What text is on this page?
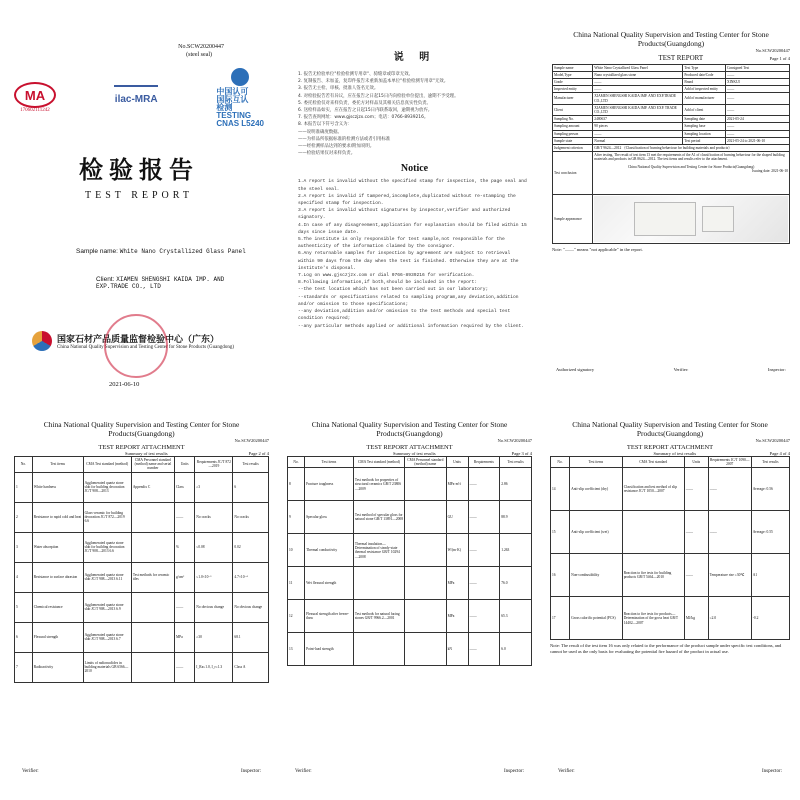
No.SCW20200447
(steel seal)
MA
170602111242
ilac-MRA
中国认可
国际互认
检测
TESTING
CNAS L5240
检验报告
TEST REPORT
Sample name: White Nano Crystallized Glass Panel
Client: XIAMEN SHENGSHI KAIDA IMP. AND EXP.TRADE CO., LTD
国家石材产品质量监督检验中心（广东）
China National Quality Supervision and Testing Center for Stone Products (Guangdong)
2021-06-10
说 明
1. 报告无检验单位"检验检测专用章"、骑缝章或印章无效。
2. 复制报告、未加盖，复印件报告未重新加盖本单位"检验检测专用章"无效。
3. 报告无主检、审核、批准人签名无效。
4. 对检验报告若有异议，应在报告之日起15日内向检验单位提出，逾期不予受理。
5. 委托检验仅对来样负责，委托方对样品及其相关信息真实性负责。
6. 送检样品如实，应在报告之日起15日内联系取回，逾期视为放弃。
7. 报告查询网址：www.gjsczjzx.com；电话：0766-8939216。
8. 本报告以下符号含义为：
——说明准确度数据。
——为样品所依据标准的检测方法或者引用标准
——经检测样品达到的要求/附加说明。
——检验结果仅对来样负责。
Notice
1.A report is invalid without the specified stamp for inspection, the page seal and
the steel seal.
2.A report is invalid if tampered,incomplete,duplicated without re-stamping the
specified stamp for inspection.
3.A report is invalid without signatures by inspector,verifier and authorized
signatory.
4.In case of any disagreement,application for explanation should be filed within 15
days since issue date.
5.The institute is only responsible for test sample,not responsible for the
authenticity of the information claimed by the consignor.
6.Any returnable samples for inspection by agreement are subject to retrieval
within 90 days from the day when the test is finished. Otherwise they are at the
institute's disposal.
7.Log on www.gjsczjzx.com or dial 0766-8939216 for verification.
8.Following information,if both,should be included in the report:
--the test location which has not been carried out in our laboratory;
--standards or specifications related to sampling program,any deviation,addition
and/or omission to those specifications;
--any deviation,addition and/or omission to the test methods and special test
condition required;
--any particular methods applied or additional information required by the client.
China National Quality Supervision and Testing Center for Stone Products(Guangdong)
No.SCW20200447
TEST REPORT	Page 1 of 4
Sample name	White Nano Crystallized Glass Panel	Test Type	Consigned Test
Model,Type	Nano crystallized glass stone	Produced date/Code	——
Grade	——	Brand	XINKUI
Inspected entity	——	Add of inspected entity	——
Manufacturer	XIAMEN SHENGSHI KAIDA IMP. AND EXP.TRADE CO.,LTD	Add of manufacturer	——
Client	XIAMEN SHENGSHI KAIDA IMP. AND EXP. TRADE CO.,LTD	Add of client	——
Sampling No.	2480637	Sampling date	2021-05-24
Sampling amount	90 pieces	Sampling base	——
Sampling person	——	Sampling location	——
Sample state	Normal	Test period	2021-05-24 to 2021-06-10
Judgement criterion	GB/T 9624—2012 《Classification of burning behaviour for building materials and products》		
Test conclusion	After testing, The result of test item 13 met the requirements of the A1 of classification of burning behaviour for the shaped building materials and products in GB 8624—2012. The test items and results refer to the attachment.
China National Quality Supervision and Testing Center for Stone Products(Guangdong)
Issuing date: 2021-06-10		

Sample appearance			
Note: "——" means "not applicable" in the report.
Authorized signatory	Verifier:	Inspector:
China National Quality Supervision and Testing Center for Stone Products(Guangdong)
No.SCW20200447
TEST REPORT ATTACHMENT
Summary of test results	Page 2 of 4
No.	Test items	CMA Test standard (method)	CMA Personnel standard (method) name and serial number	Units	Requirements JC/T 872—2019	Test results
1	White hardness	Agglomerated quartz stone slab for building decoration JC/T 908—2013	Appendix C	Class	≥3	6
2	Resistance to rapid cold and heat	Glass-ceramic for building decoration JC/T 872—2019 6.6		——	No cracks	No cracks
3	Water absorption	Agglomerated quartz stone slab for building decoration JC/T 908—2013 6.6		%	≤0.08	0.02
4	Resistance to surface abrasion	Agglomerated quartz stone slab JC/T 908—2013 6.11	Test methods for ceramic tiles	g/cm²	≤1.0×10⁻³	4.7×10⁻⁴
5	Chemical resistance	Agglomerated quartz stone slab JC/T 908—2013 6.9		——	No obvious change	No obvious change
6	Flexural strength	Agglomerated quartz stone slab JC/T 908—2013 6.7		MPa	≥30	68.1
7	Radioactivity	Limits of radionuclides in building materials GB 6566—2010		——	I_Ra≤1.0, I_r≤1.3	Class A
Verifier:	Inspector:
China National Quality Supervision and Testing Center for Stone Products(Guangdong)
No.SCW20200447
TEST REPORT ATTACHMENT
Summary of test results	Page 3 of 4
No.	Test items	CMA Test standard (method)	CMA Personnel standard (method) name	Units	Requirements	Test results
8	Fracture toughness	Test methods for properties of structural ceramics GB/T 23806—2009		MPa·m½	——	2.86
9	Specular gloss	Test method of specular gloss for natural stone GB/T 13891—2008		GU	——	88.9
10	Thermal conductivity	Thermal insulation—Determination of steady-state thermal resistance GB/T 10294—2008		W/(m·K)	——	1.263
11	Wet flexural strength			MPa	——	76.0
12	Flexural strength after freeze-thaw	Test methods for natural facing stones GB/T 9966.2—2001		MPa	——	65.3
13	Point-load strength			kN	——	6.0
Verifier:	Inspector:
China National Quality Supervision and Testing Center for Stone Products(Guangdong)
No.SCW20200447
TEST REPORT ATTACHMENT
Summary of test results	Page 4 of 4
No.	Test items	CMA Test standard	Units	Requirements JC/T 1090—2007	Test results
14	Anti-slip coefficient (dry)	Classification and test method of slip resistance JC/T 1050—2007	——	——	Average: 0.56
15	Anti-slip coefficient (wet)		——	——	Average: 0.55
16	Non-combustibility	Reaction to fire tests for building products GB/T 5464—2010	——	Temperature rise ≤30℃	A1
17	Gross calorific potential (PCS)	Reaction to fire tests for products—Determination of the gross heat GB/T 14402—2007	MJ/kg	≤2.0	-0.2
Note: The result of the test item 16 was only related to the performance of the product sample under specific test conditions, and cannot be used as the only basis for evaluating the potential fire hazard of the product in actual use.
Verifier:	Inspector:
